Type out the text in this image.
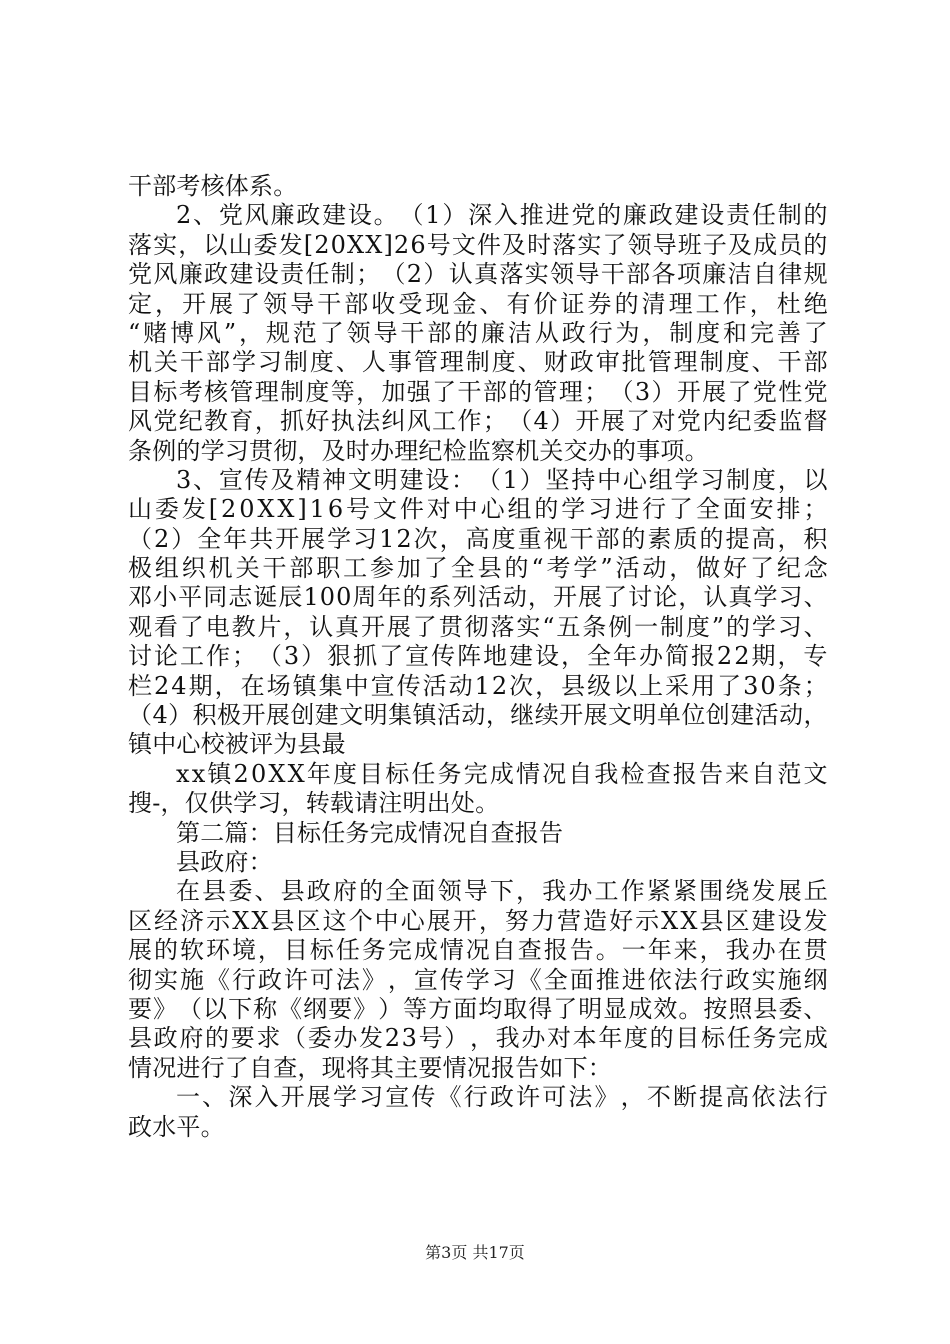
干部考核体系。
2 、 党 风 廉 政 建 设 。 （ 1 ） 深 入 推 进 党 的 廉 政 建 设 责 任 制 的
落 实 ， 以 山 委 发 [ 2 0 X X ] 2 6 号 文 件 及 时 落 实 了 领 导 班 子 及 成 员 的
党 风 廉 政 建 设 责 任 制 ； （ 2 ） 认 真 落 实 领 导 干 部 各 项 廉 洁 自 律 规
定 ， 开 展 了 领 导 干 部 收 受 现 金 、 有 价 证 券 的 清 理 工 作 ， 杜 绝
“ 赌 博 风 ” ， 规 范 了 领 导 干 部 的 廉 洁 从 政 行 为 ， 制 度 和 完 善 了
机 关 干 部 学 习 制 度 、 人 事 管 理 制 度 、 财 政 审 批 管 理 制 度 、 干 部
目 标 考 核 管 理 制 度 等 ， 加 强 了 干 部 的 管 理 ； （ 3 ） 开 展 了 党 性 党
风 党 纪 教 育 ， 抓 好 执 法 纠 风 工 作 ； （ 4 ） 开 展 了 对 党 内 纪 委 监 督
条例的学习贯彻，及时办理纪检监察机关交办的事项。
3 、 宣 传 及 精 神 文 明 建 设 ： （ 1 ） 坚 持 中 心 组 学 习 制 度 ， 以
山 委 发 [ 2 0 X X ] 1 6 号 文 件 对 中 心 组 的 学 习 进 行 了 全 面 安 排 ；
（ 2 ） 全 年 共 开 展 学 习 1 2 次 ， 高 度 重 视 干 部 的 素 质 的 提 高 ， 积
极 组 织 机 关 干 部 职 工 参 加 了 全 县 的 “ 考 学 ” 活 动 ， 做 好 了 纪 念
邓 小 平 同 志 诞 辰 1 0 0 周 年 的 系 列 活 动 ， 开 展 了 讨 论 ， 认 真 学 习 、
观 看 了 电 教 片 ， 认 真 开 展 了 贯 彻 落 实 “ 五 条 例 一 制 度 ” 的 学 习 、
讨 论 工 作 ； （ 3 ） 狠 抓 了 宣 传 阵 地 建 设 ， 全 年 办 简 报 2 2 期 ， 专
栏 2 4 期 ， 在 场 镇 集 中 宣 传 活 动 1 2 次 ， 县 级 以 上 采 用 了 3 0 条 ；
（ 4 ） 积 极 开 展 创 建 文 明 集 镇 活 动 ， 继 续 开 展 文 明 单 位 创 建 活 动 ，
镇中心校被评为县最
x x 镇 2 0 X X 年 度 目 标 任 务 完 成 情 况 自 我 检 查 报 告 来 自 范 文
搜-，仅供学习，转载请注明出处。
第二篇：目标任务完成情况自查报告
县政府：
在 县 委 、 县 政 府 的 全 面 领 导 下 ， 我 办 工 作 紧 紧 围 绕 发 展 丘
区 经 济 示 X X 县 区 这 个 中 心 展 开 ， 努 力 营 造 好 示 X X 县 区 建 设 发
展 的 软 环 境 ， 目 标 任 务 完 成 情 况 自 查 报 告 。 一 年 来 ， 我 办 在 贯
彻 实 施 《 行 政 许 可 法 》 ， 宣 传 学 习 《 全 面 推 进 依 法 行 政 实 施 纲
要 》 （ 以 下 称 《 纲 要 》 ） 等 方 面 均 取 得 了 明 显 成 效 。 按 照 县 委 、
县 政 府 的 要 求 （ 委 办 发 2 3 号 ） ， 我 办 对 本 年 度 的 目 标 任 务 完 成
情况进行了自查，现将其主要情况报告如下：
一 、 深 入 开 展 学 习 宣 传 《 行 政 许 可 法 》 ， 不 断 提 高 依 法 行
政水平。
第3页 共17页
